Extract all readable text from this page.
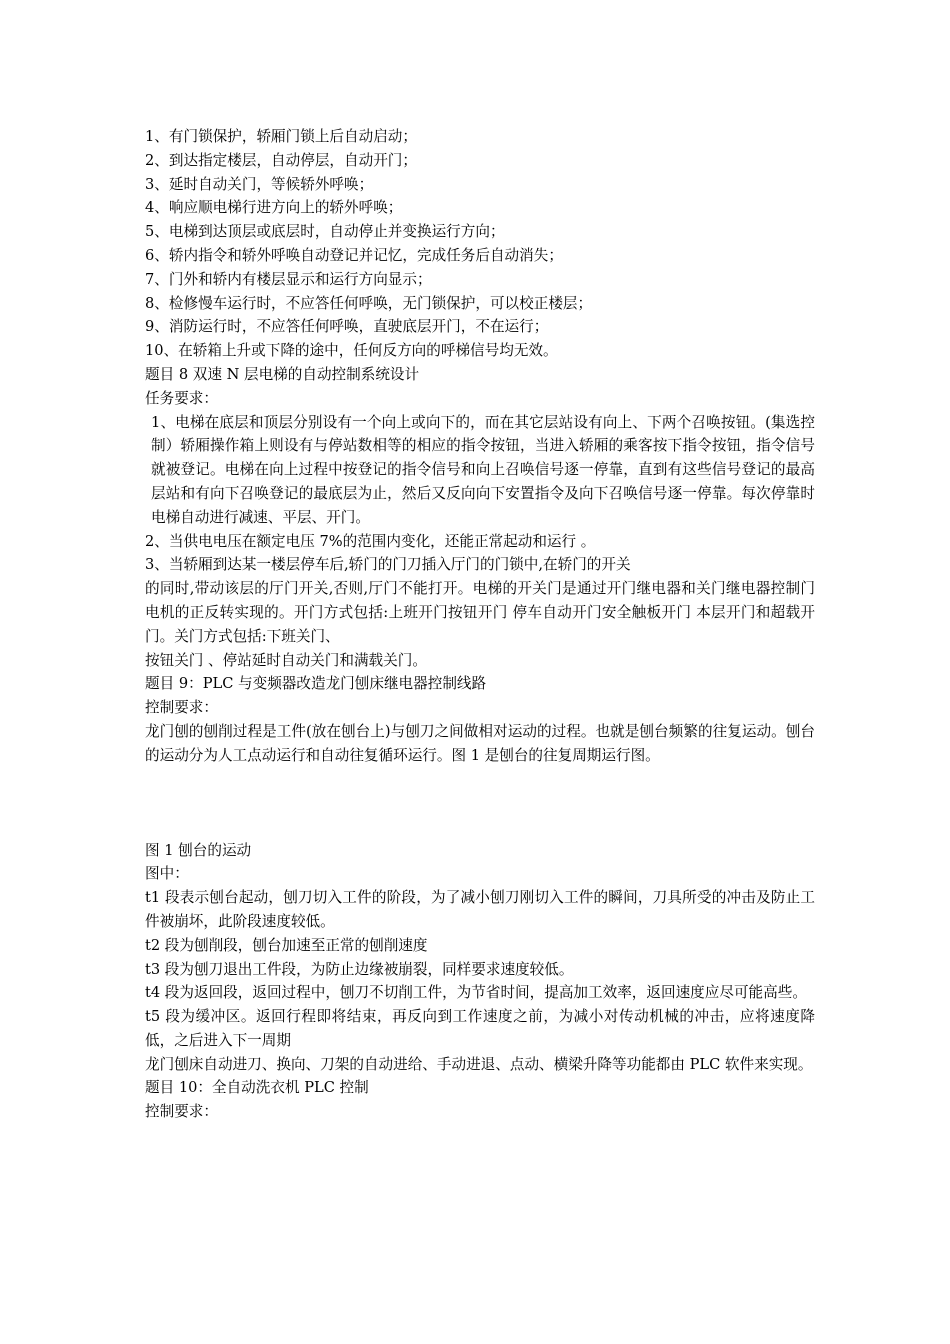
1、有门锁保护，轿厢门锁上后自动启动；
2、到达指定楼层，自动停层，自动开门；
3、延时自动关门，等候轿外呼唤；
4、响应顺电梯行进方向上的轿外呼唤；
5、电梯到达顶层或底层时，自动停止并变换运行方向；
6、轿内指令和轿外呼唤自动登记并记忆，完成任务后自动消失；
7、门外和轿内有楼层显示和运行方向显示；
8、检修慢车运行时，不应答任何呼唤，无门锁保护，可以校正楼层；
9、消防运行时，不应答任何呼唤，直驶底层开门，不在运行；
10、在轿箱上升或下降的途中，任何反方向的呼梯信号均无效。
题目 8 双速 N 层电梯的自动控制系统设计
任务要求：
1、电梯在底层和顶层分别设有一个向上或向下的，而在其它层站设有向上、下两个召唤按钮。(集选控制）轿厢操作箱上则设有与停站数相等的相应的指令按钮，当进入轿厢的乘客按下指令按钮，指令信号就被登记。电梯在向上过程中按登记的指令信号和向上召唤信号逐一停靠，直到有这些信号登记的最高层站和有向下召唤登记的最底层为止，然后又反向向下安置指令及向下召唤信号逐一停靠。每次停靠时电梯自动进行减速、平层、开门。
2、当供电电压在额定电压 7%的范围内变化，还能正常起动和运行 。
3、当轿厢到达某一楼层停车后,轿门的门刀插入厅门的门锁中,在轿门的开关
的同时,带动该层的厅门开关,否则,厅门不能打开。电梯的开关门是通过开门继电器和关门继电器控制门电机的正反转实现的。开门方式包括:上班开门按钮开门 停车自动开门安全触板开门 本层开门和超载开门。关门方式包括:下班关门、
按钮关门 、停站延时自动关门和满载关门。
题目 9：PLC 与变频器改造龙门刨床继电器控制线路
控制要求：
龙门刨的刨削过程是工件(放在刨台上)与刨刀之间做相对运动的过程。也就是刨台频繁的往复运动。刨台的运动分为人工点动运行和自动往复循环运行。图 1 是刨台的往复周期运行图。
图 1 刨台的运动
图中：
t1 段表示刨台起动，刨刀切入工件的阶段，为了减小刨刀刚切入工件的瞬间，刀具所受的冲击及防止工件被崩坏，此阶段速度较低。
t2 段为刨削段，刨台加速至正常的刨削速度
t3 段为刨刀退出工件段，为防止边缘被崩裂，同样要求速度较低。
t4 段为返回段，返回过程中，刨刀不切削工件，为节省时间，提高加工效率，返回速度应尽可能高些。
t5 段为缓冲区。返回行程即将结束，再反向到工作速度之前，为减小对传动机械的冲击，应将速度降低，之后进入下一周期
龙门刨床自动进刀、换向、刀架的自动进给、手动进退、点动、横梁升降等功能都由 PLC 软件来实现。
题目 10：全自动洗衣机 PLC 控制
控制要求：
